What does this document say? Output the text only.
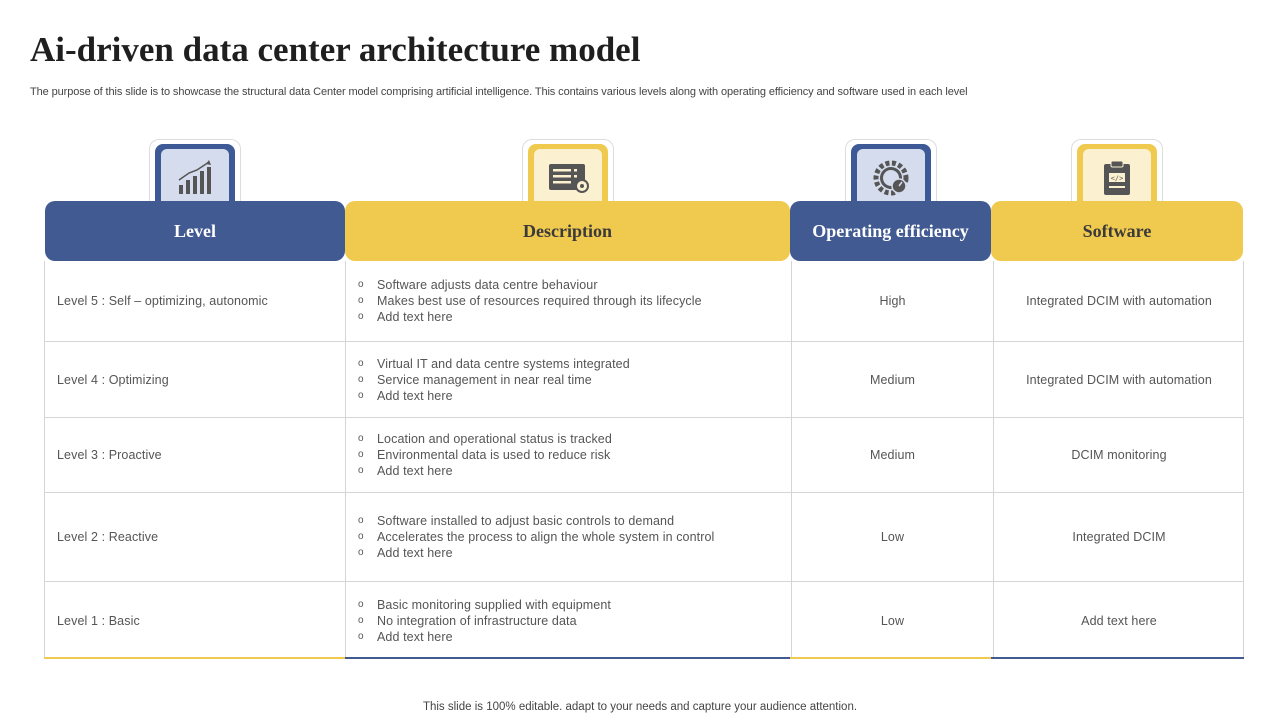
Ai-driven data center architecture model
The purpose of this slide is to showcase the structural data Center model comprising artificial intelligence. This contains various levels along with operating efficiency and software used in each level
</>
Level	Description	Operating efficiency	Software
Level 5 : Self – optimizing, autonomic
o	Software adjusts data centre behaviour
o	Makes best use of resources required through its lifecycle
o	Add text here
High	Integrated DCIM with automation
Level 4 : Optimizing
o	Virtual IT and data centre systems integrated
o	Service management in near real time
o	Add text here
Medium	Integrated DCIM with automation
Level 3 : Proactive
o	Location and operational status is tracked
o	Environmental data is used to reduce risk
o	Add text here
Medium	DCIM monitoring
Level 2 : Reactive
o	Software installed to adjust basic controls to demand
o	Accelerates the process to align the whole system in control
o	Add text here
Low	Integrated DCIM
Level 1 : Basic
o	Basic monitoring supplied with equipment
o	No integration of infrastructure data
o	Add text here
Low	Add text here
This slide is 100% editable. adapt to your needs and capture your audience attention.
